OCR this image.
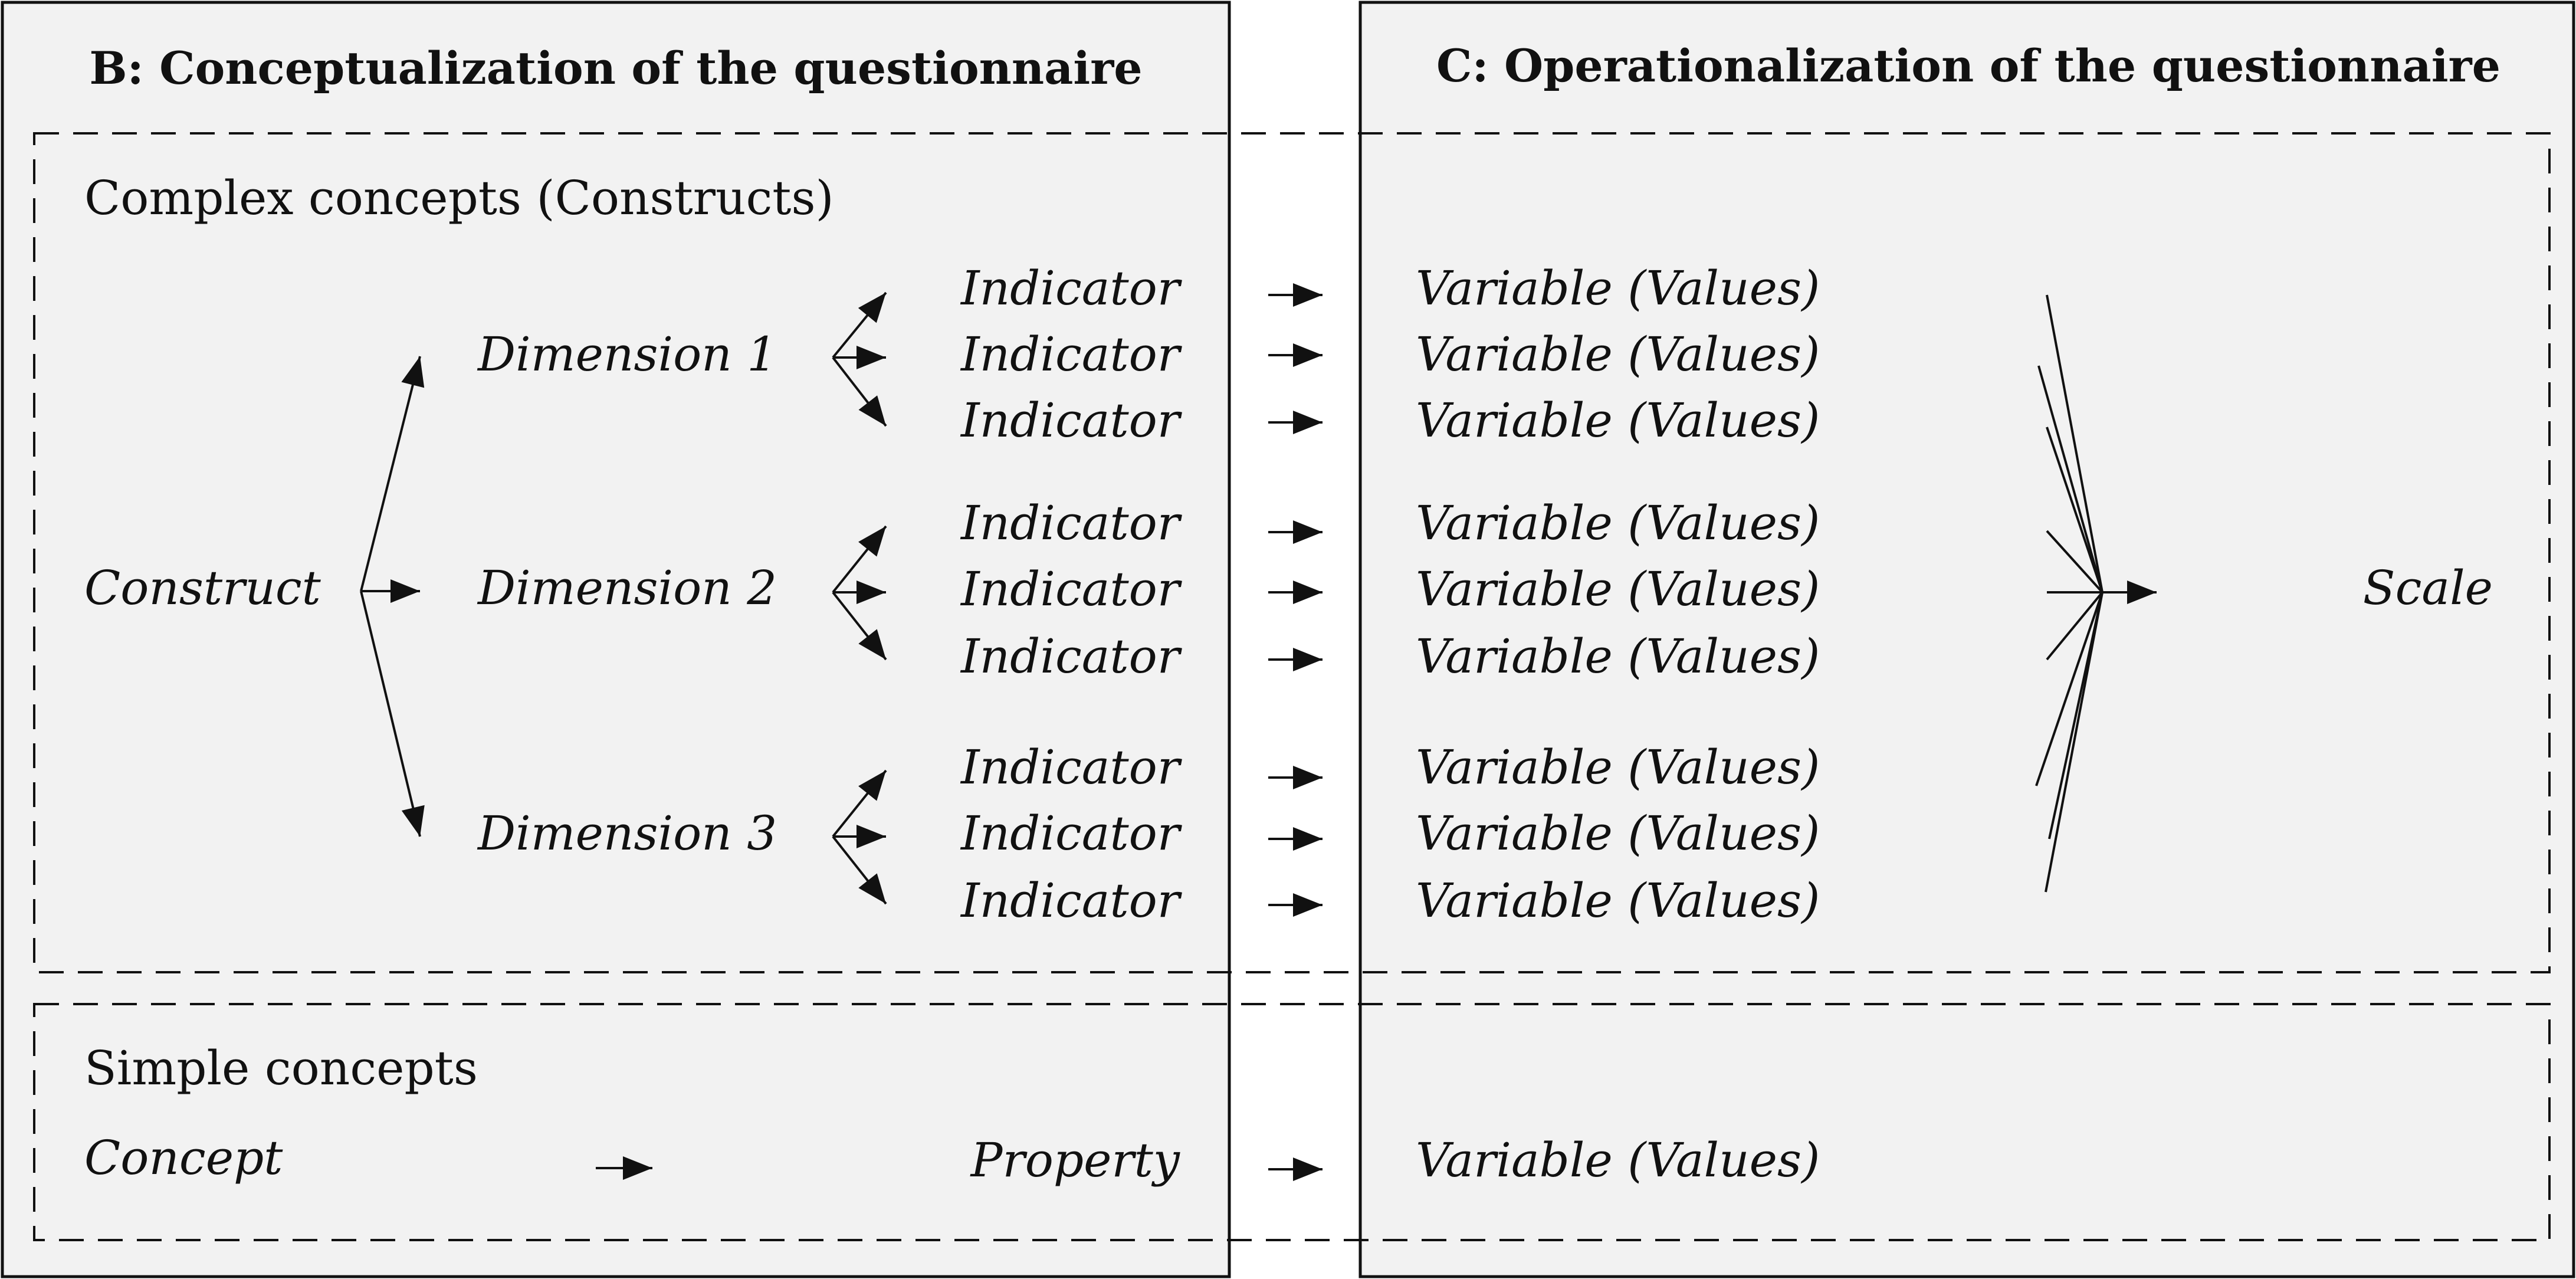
B: Conceptualization of the questionnaire	C: Operationalization of the questionnaire
Complex concepts (Constructs)
Construct
Dimension 1
Dimension 2
Dimension 3
Indicator
Indicator
Indicator
Indicator
Indicator
Indicator
Indicator
Indicator
Indicator
Variable (Values)
Variable (Values)
Variable (Values)
Variable (Values)
Variable (Values)
Variable (Values)
Variable (Values)
Variable (Values)
Variable (Values)
Scale
Simple concepts
Concept	Property	Variable (Values)
